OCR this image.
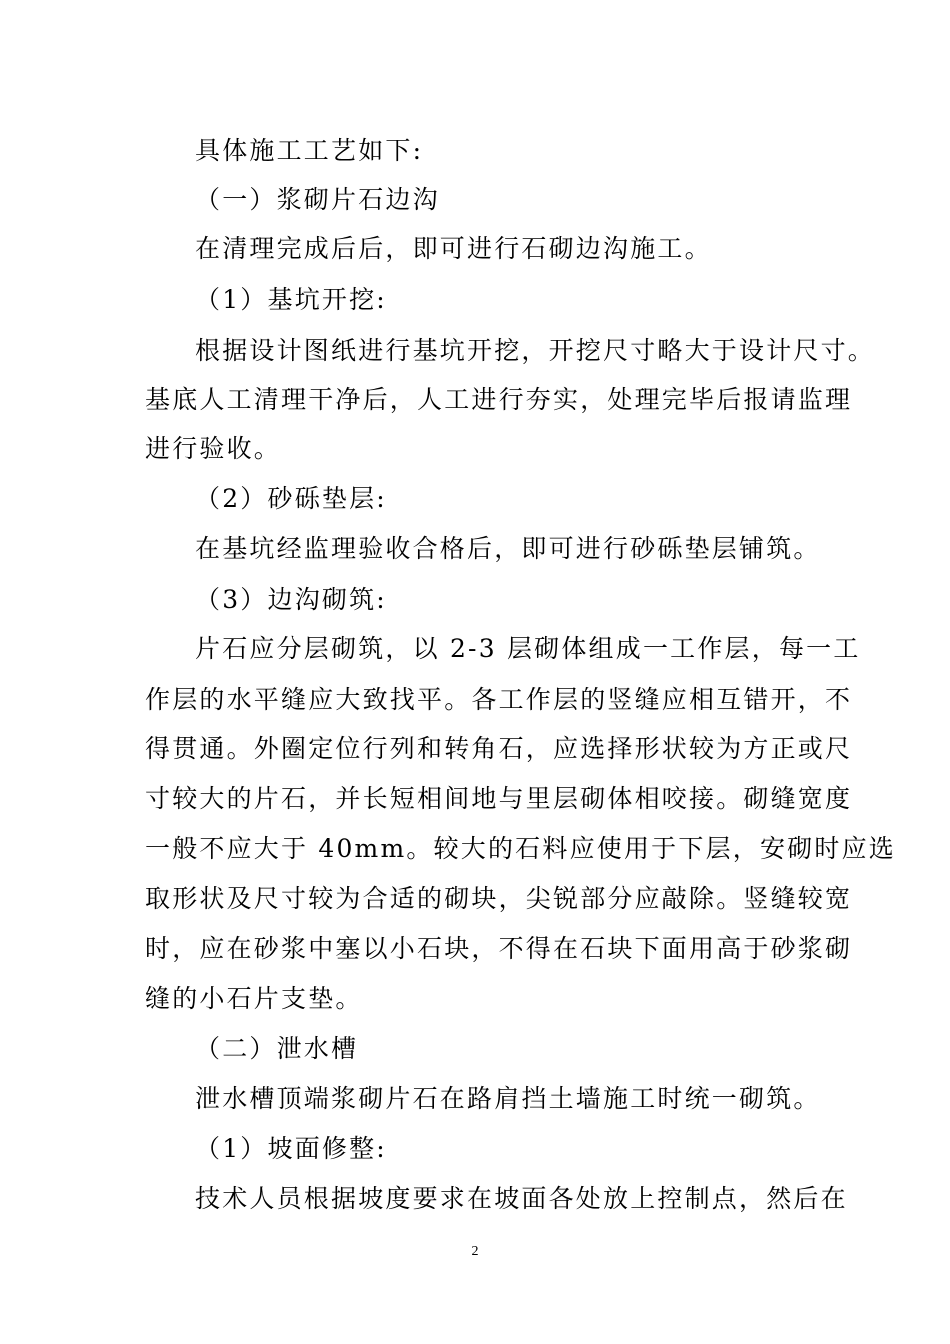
具体施工工艺如下:
（一）浆砌片石边沟
在清理完成后后，即可进行石砌边沟施工。
（1）基坑开挖:
根据设计图纸进行基坑开挖，开挖尺寸略大于设计尺寸。
基底人工清理干净后，人工进行夯实，处理完毕后报请监理
进行验收。
（2）砂砾垫层:
在基坑经监理验收合格后，即可进行砂砾垫层铺筑。
（3）边沟砌筑:
片石应分层砌筑，以 2-3 层砌体组成一工作层，每一工
作层的水平缝应大致找平。各工作层的竖缝应相互错开，不
得贯通。外圈定位行列和转角石，应选择形状较为方正或尺
寸较大的片石，并长短相间地与里层砌体相咬接。砌缝宽度
一般不应大于 40mm。较大的石料应使用于下层，安砌时应选
取形状及尺寸较为合适的砌块，尖锐部分应敲除。竖缝较宽
时，应在砂浆中塞以小石块，不得在石块下面用高于砂浆砌
缝的小石片支垫。
（二）泄水槽
泄水槽顶端浆砌片石在路肩挡土墙施工时统一砌筑。
（1）坡面修整:
技术人员根据坡度要求在坡面各处放上控制点，然后在
2
